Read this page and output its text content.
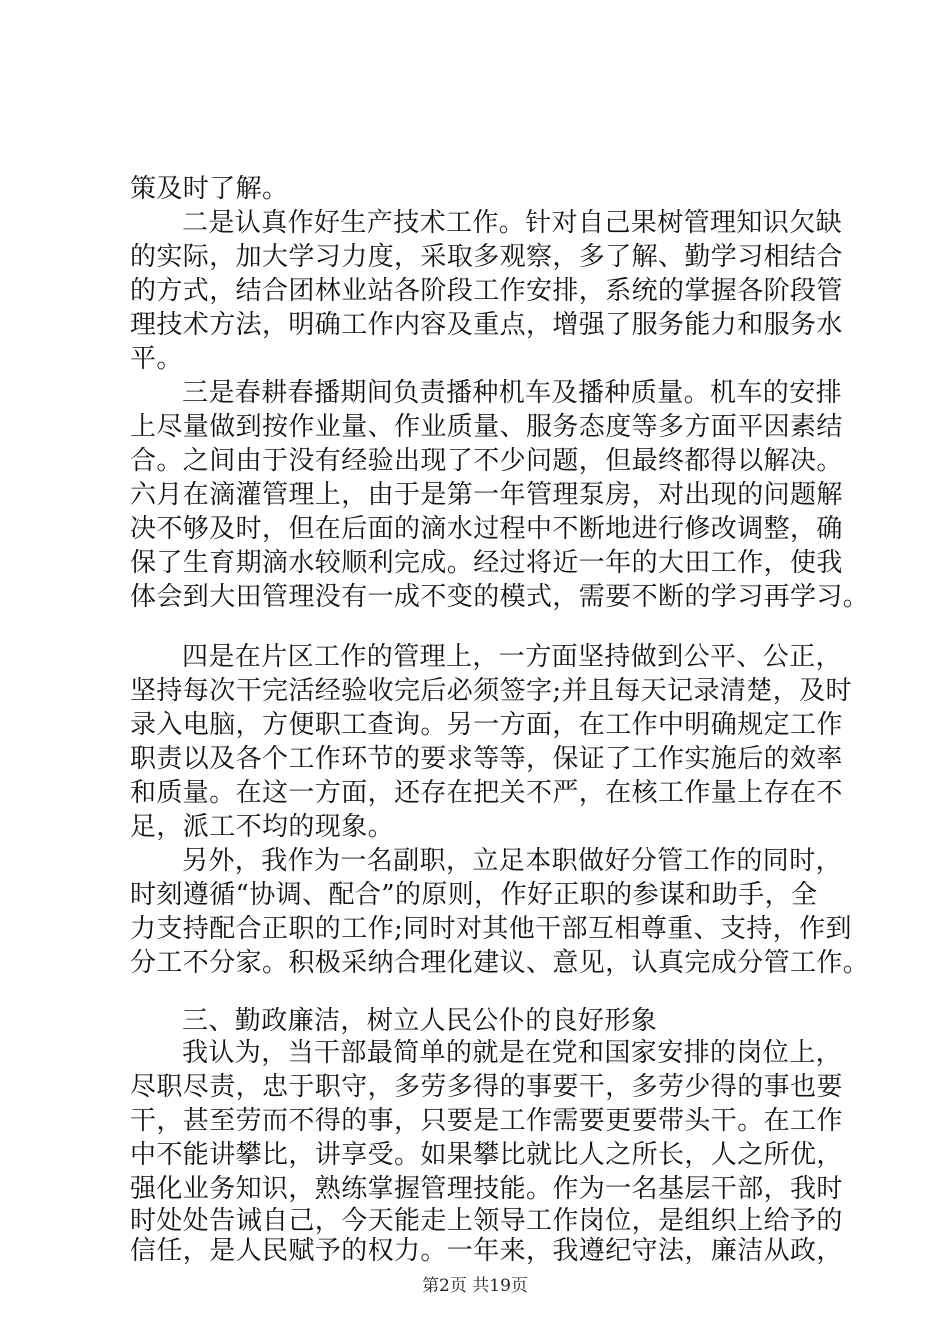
策及时了解。
二是认真作好生产技术工作。针对自己果树管理知识欠缺
的实际，加大学习力度，采取多观察，多了解、勤学习相结合
的方式，结合团林业站各阶段工作安排，系统的掌握各阶段管
理技术方法，明确工作内容及重点，增强了服务能力和服务水
平。
三是春耕春播期间负责播种机车及播种质量。机车的安排
上尽量做到按作业量、作业质量、服务态度等多方面平因素结
合。之间由于没有经验出现了不少问题，但最终都得以解决。
六月在滴灌管理上，由于是第一年管理泵房，对出现的问题解
决不够及时，但在后面的滴水过程中不断地进行修改调整，确
保了生育期滴水较顺利完成。经过将近一年的大田工作，使我
体会到大田管理没有一成不变的模式，需要不断的学习再学习。
四是在片区工作的管理上，一方面坚持做到公平、公正，
坚持每次干完活经验收完后必须签字;并且每天记录清楚，及时
录入电脑，方便职工查询。另一方面，在工作中明确规定工作
职责以及各个工作环节的要求等等，保证了工作实施后的效率
和质量。在这一方面，还存在把关不严，在核工作量上存在不
足，派工不均的现象。
另外，我作为一名副职，立足本职做好分管工作的同时，
时刻遵循“协调、配合”的原则，作好正职的参谋和助手，全
力支持配合正职的工作;同时对其他干部互相尊重、支持，作到
分工不分家。积极采纳合理化建议、意见，认真完成分管工作。
三、勤政廉洁，树立人民公仆的良好形象
我认为，当干部最简单的就是在党和国家安排的岗位上，
尽职尽责，忠于职守，多劳多得的事要干，多劳少得的事也要
干，甚至劳而不得的事，只要是工作需要更要带头干。在工作
中不能讲攀比，讲享受。如果攀比就比人之所长，人之所优，
强化业务知识，熟练掌握管理技能。作为一名基层干部，我时
时处处告诫自己，今天能走上领导工作岗位，是组织上给予的
第2页 共19页
信任，是人民赋予的权力。一年来，我遵纪守法，廉洁从政，
